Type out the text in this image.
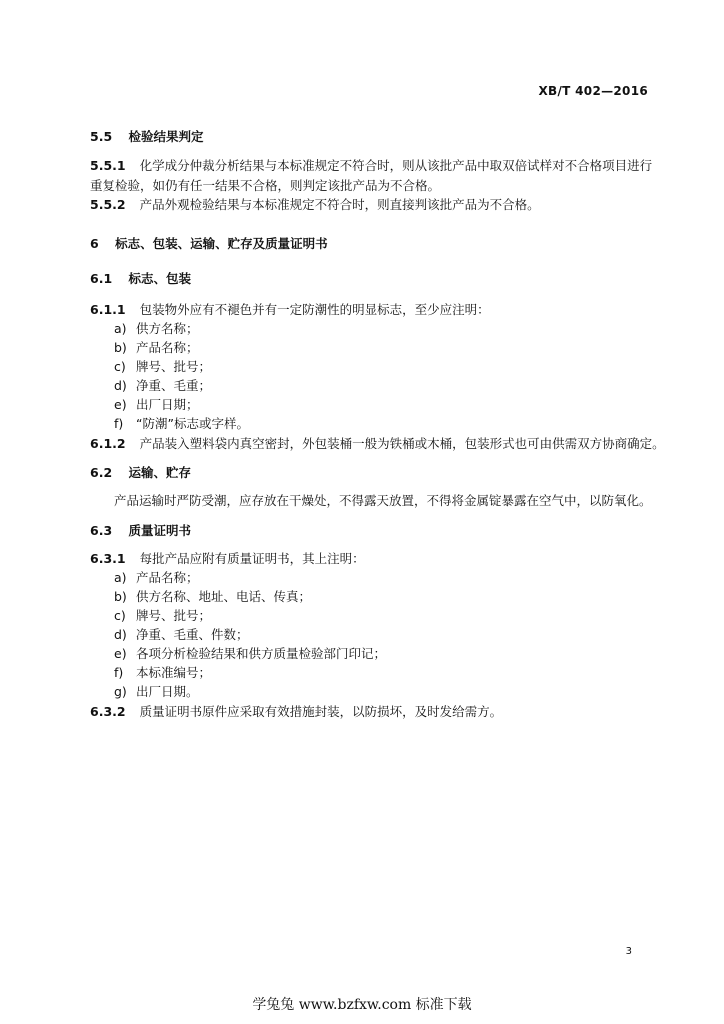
XB/T 402—2016
5.5 检验结果判定
5.5.1 化学成分仲裁分析结果与本标准规定不符合时，则从该批产品中取双倍试样对不合格项目进行
重复检验，如仍有任一结果不合格，则判定该批产品为不合格。
5.5.2 产品外观检验结果与本标准规定不符合时，则直接判该批产品为不合格。
6 标志、包装、运输、贮存及质量证明书
6.1 标志、包装
6.1.1 包装物外应有不褪色并有一定防潮性的明显标志，至少应注明：
a) 供方名称；
b) 产品名称；
c) 牌号、批号；
d) 净重、毛重；
e) 出厂日期；
f) “防潮”标志或字样。
6.1.2 产品装入塑料袋内真空密封，外包装桶一般为铁桶或木桶，包装形式也可由供需双方协商确定。
6.2 运输、贮存
产品运输时严防受潮，应存放在干燥处，不得露天放置，不得将金属锭暴露在空气中，以防氧化。
6.3 质量证明书
6.3.1 每批产品应附有质量证明书，其上注明：
a) 产品名称；
b) 供方名称、地址、电话、传真；
c) 牌号、批号；
d) 净重、毛重、件数；
e) 各项分析检验结果和供方质量检验部门印记；
f) 本标准编号；
g) 出厂日期。
6.3.2 质量证明书原件应采取有效措施封装，以防损坏，及时发给需方。
3
学兔兔 www.bzfxw.com 标准下载
